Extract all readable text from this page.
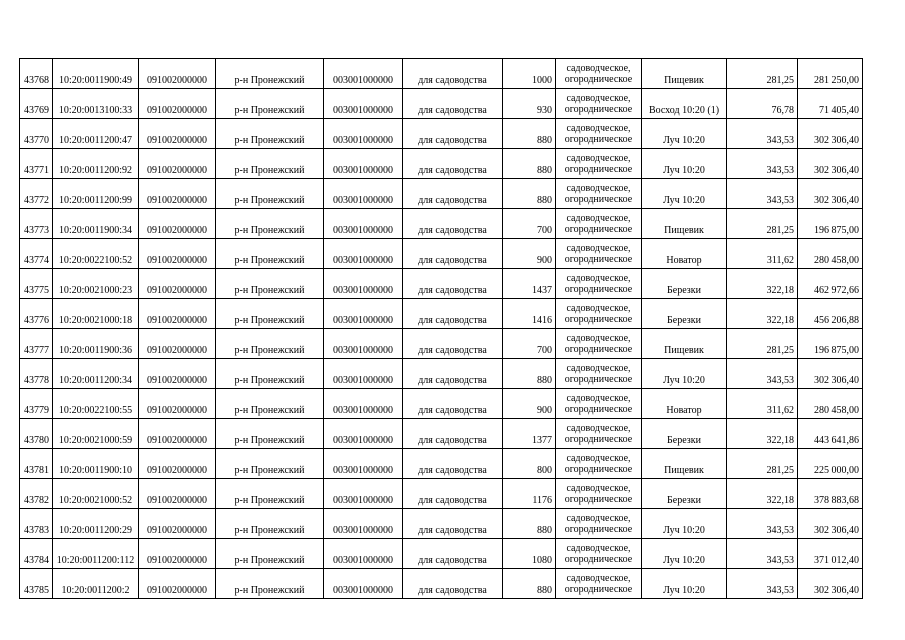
43768	10:20:0011900:49	091002000000	р-н Пронежский	003001000000	для садоводства	1000	садоводческое,
огородническое	Пищевик	281,25	281 250,00
43769	10:20:0013100:33	091002000000	р-н Пронежский	003001000000	для садоводства	930	садоводческое,
огородническое	Восход 10:20 (1)	76,78	71 405,40
43770	10:20:0011200:47	091002000000	р-н Пронежский	003001000000	для садоводства	880	садоводческое,
огородническое	Луч 10:20	343,53	302 306,40
43771	10:20:0011200:92	091002000000	р-н Пронежский	003001000000	для садоводства	880	садоводческое,
огородническое	Луч 10:20	343,53	302 306,40
43772	10:20:0011200:99	091002000000	р-н Пронежский	003001000000	для садоводства	880	садоводческое,
огородническое	Луч 10:20	343,53	302 306,40
43773	10:20:0011900:34	091002000000	р-н Пронежский	003001000000	для садоводства	700	садоводческое,
огородническое	Пищевик	281,25	196 875,00
43774	10:20:0022100:52	091002000000	р-н Пронежский	003001000000	для садоводства	900	садоводческое,
огородническое	Новатор	311,62	280 458,00
43775	10:20:0021000:23	091002000000	р-н Пронежский	003001000000	для садоводства	1437	садоводческое,
огородническое	Березки	322,18	462 972,66
43776	10:20:0021000:18	091002000000	р-н Пронежский	003001000000	для садоводства	1416	садоводческое,
огородническое	Березки	322,18	456 206,88
43777	10:20:0011900:36	091002000000	р-н Пронежский	003001000000	для садоводства	700	садоводческое,
огородническое	Пищевик	281,25	196 875,00
43778	10:20:0011200:34	091002000000	р-н Пронежский	003001000000	для садоводства	880	садоводческое,
огородническое	Луч 10:20	343,53	302 306,40
43779	10:20:0022100:55	091002000000	р-н Пронежский	003001000000	для садоводства	900	садоводческое,
огородническое	Новатор	311,62	280 458,00
43780	10:20:0021000:59	091002000000	р-н Пронежский	003001000000	для садоводства	1377	садоводческое,
огородническое	Березки	322,18	443 641,86
43781	10:20:0011900:10	091002000000	р-н Пронежский	003001000000	для садоводства	800	садоводческое,
огородническое	Пищевик	281,25	225 000,00
43782	10:20:0021000:52	091002000000	р-н Пронежский	003001000000	для садоводства	1176	садоводческое,
огородническое	Березки	322,18	378 883,68
43783	10:20:0011200:29	091002000000	р-н Пронежский	003001000000	для садоводства	880	садоводческое,
огородническое	Луч 10:20	343,53	302 306,40
43784	10:20:0011200:112	091002000000	р-н Пронежский	003001000000	для садоводства	1080	садоводческое,
огородническое	Луч 10:20	343,53	371 012,40
43785	10:20:0011200:2	091002000000	р-н Пронежский	003001000000	для садоводства	880	садоводческое,
огородническое	Луч 10:20	343,53	302 306,40
